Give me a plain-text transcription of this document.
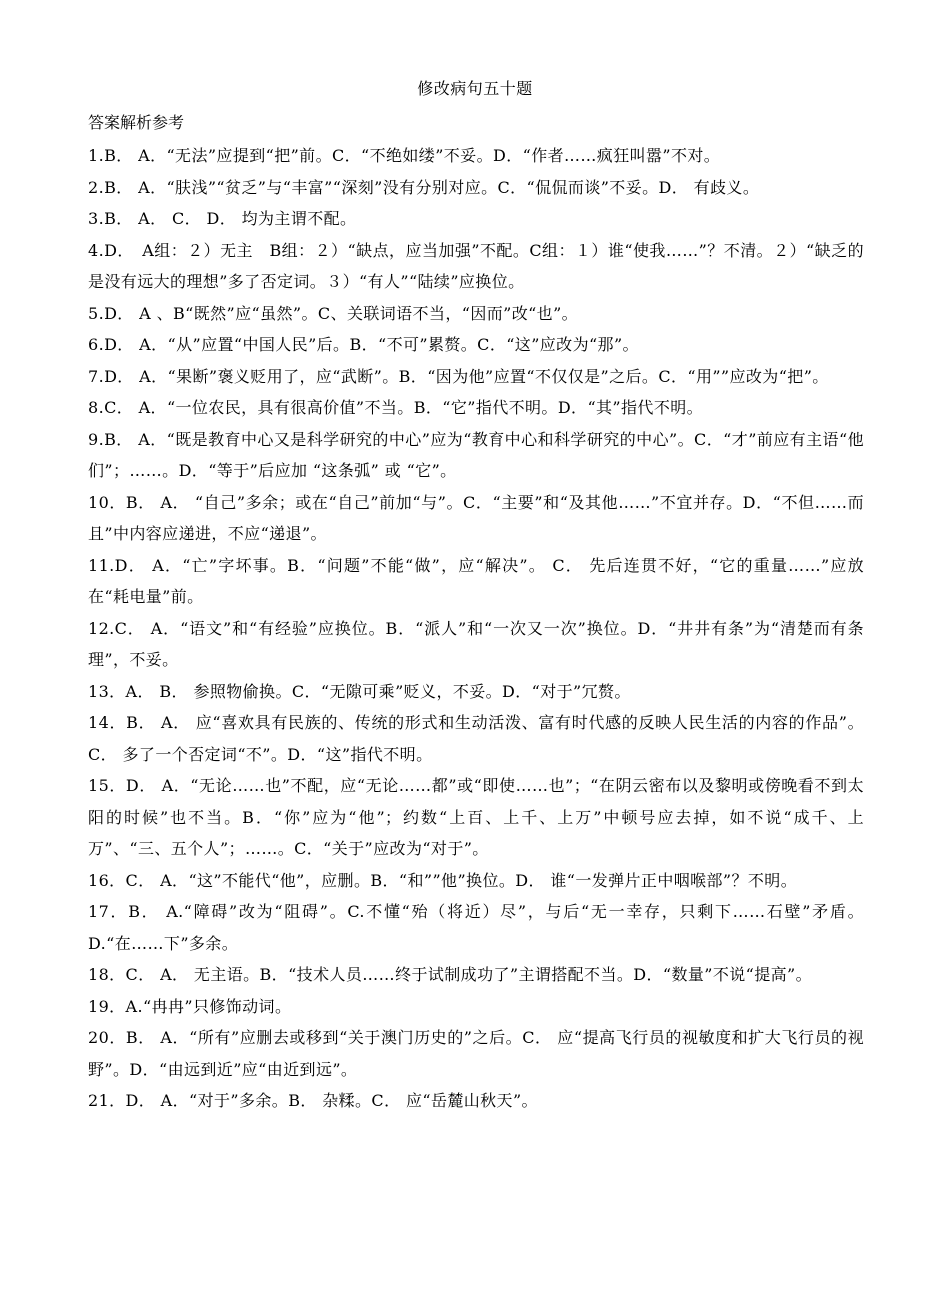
修改病句五十题
答案解析参考

1.B． A．“无法”应提到“把”前。C．“不绝如缕”不妥。D．“作者……疯狂叫嚣”不对。

2.B． A．“肤浅”“贫乏”与“丰富”“深刻”没有分别对应。C．“侃侃而谈”不妥。D． 有歧义。

3.B． A． C． D． 均为主谓不配。

4.D．　A组：２）无主　B组：２）“缺点，应当加强”不配。C组：１）谁“使我……”？不清。２）“缺乏的是没有远大的理想”多了否定词。３）“有人”“陆续”应换位。

5.D． A 、B“既然”应“虽然”。C、关联词语不当，“因而”改“也”。

6.D． A．“从”应置“中国人民”后。B．“不可”累赘。C．“这”应改为“那”。

7.D． A．“果断”褒义贬用了，应“武断”。B．“因为他”应置“不仅仅是”之后。C．“用””应改为“把”。

8.C． A．“一位农民，具有很高价值”不当。B．“它”指代不明。D．“其”指代不明。

9.B． A．“既是教育中心又是科学研究的中心”应为“教育中心和科学研究的中心”。C．“才”前应有主语“他们”；……。D．“等于”后应加 “这条弧” 或 “它”。

10．B． A． “自己”多余；或在“自己”前加“与”。C．“主要”和“及其他……”不宜并存。D．“不但……而且”中内容应递进，不应“递退”。

11.D． A．“亡”字坏事。B．“问题”不能“做”，应“解决”。 C． 先后连贯不好，“它的重量……”应放在“耗电量”前。

12.C． A．“语文”和“有经验”应换位。B．“派人”和“一次又一次”换位。D．“井井有条”为“清楚而有条理”，不妥。

13．A． B． 参照物偷换。C．“无隙可乘”贬义，不妥。D．“对于”冗赘。

14．B． A． 应“喜欢具有民族的、传统的形式和生动活泼、富有时代感的反映人民生活的内容的作品”。C． 多了一个否定词“不”。D．“这”指代不明。

15．D． A．“无论……也”不配，应“无论……都”或“即使……也”；“在阴云密布以及黎明或傍晚看不到太阳的时候”也不当。B．“你”应为“他”；约数“上百、上千、上万”中顿号应去掉，如不说“成千、上万”、“三、五个人”；……。C．“关于”应改为“对于”。

16．C． A．“这”不能代“他”，应删。B．“和””他”换位。D． 谁“一发弹片正中咽喉部”？不明。

17．B． A.“障碍”改为“阻碍”。C.不懂“殆（将近）尽”，与后“无一幸存，只剩下……石壁”矛盾。 D.“在……下”多余。

18．C． A． 无主语。B．“技术人员……终于试制成功了”主谓搭配不当。D．“数量”不说“提高”。

19．A.“冉冉”只修饰动词。

20．B． A．“所有”应删去或移到“关于澳门历史的”之后。C． 应“提高飞行员的视敏度和扩大飞行员的视野”。D．“由远到近”应“由近到远”。

21．D． A．“对于”多余。B． 杂糅。C． 应“岳麓山秋天”。
